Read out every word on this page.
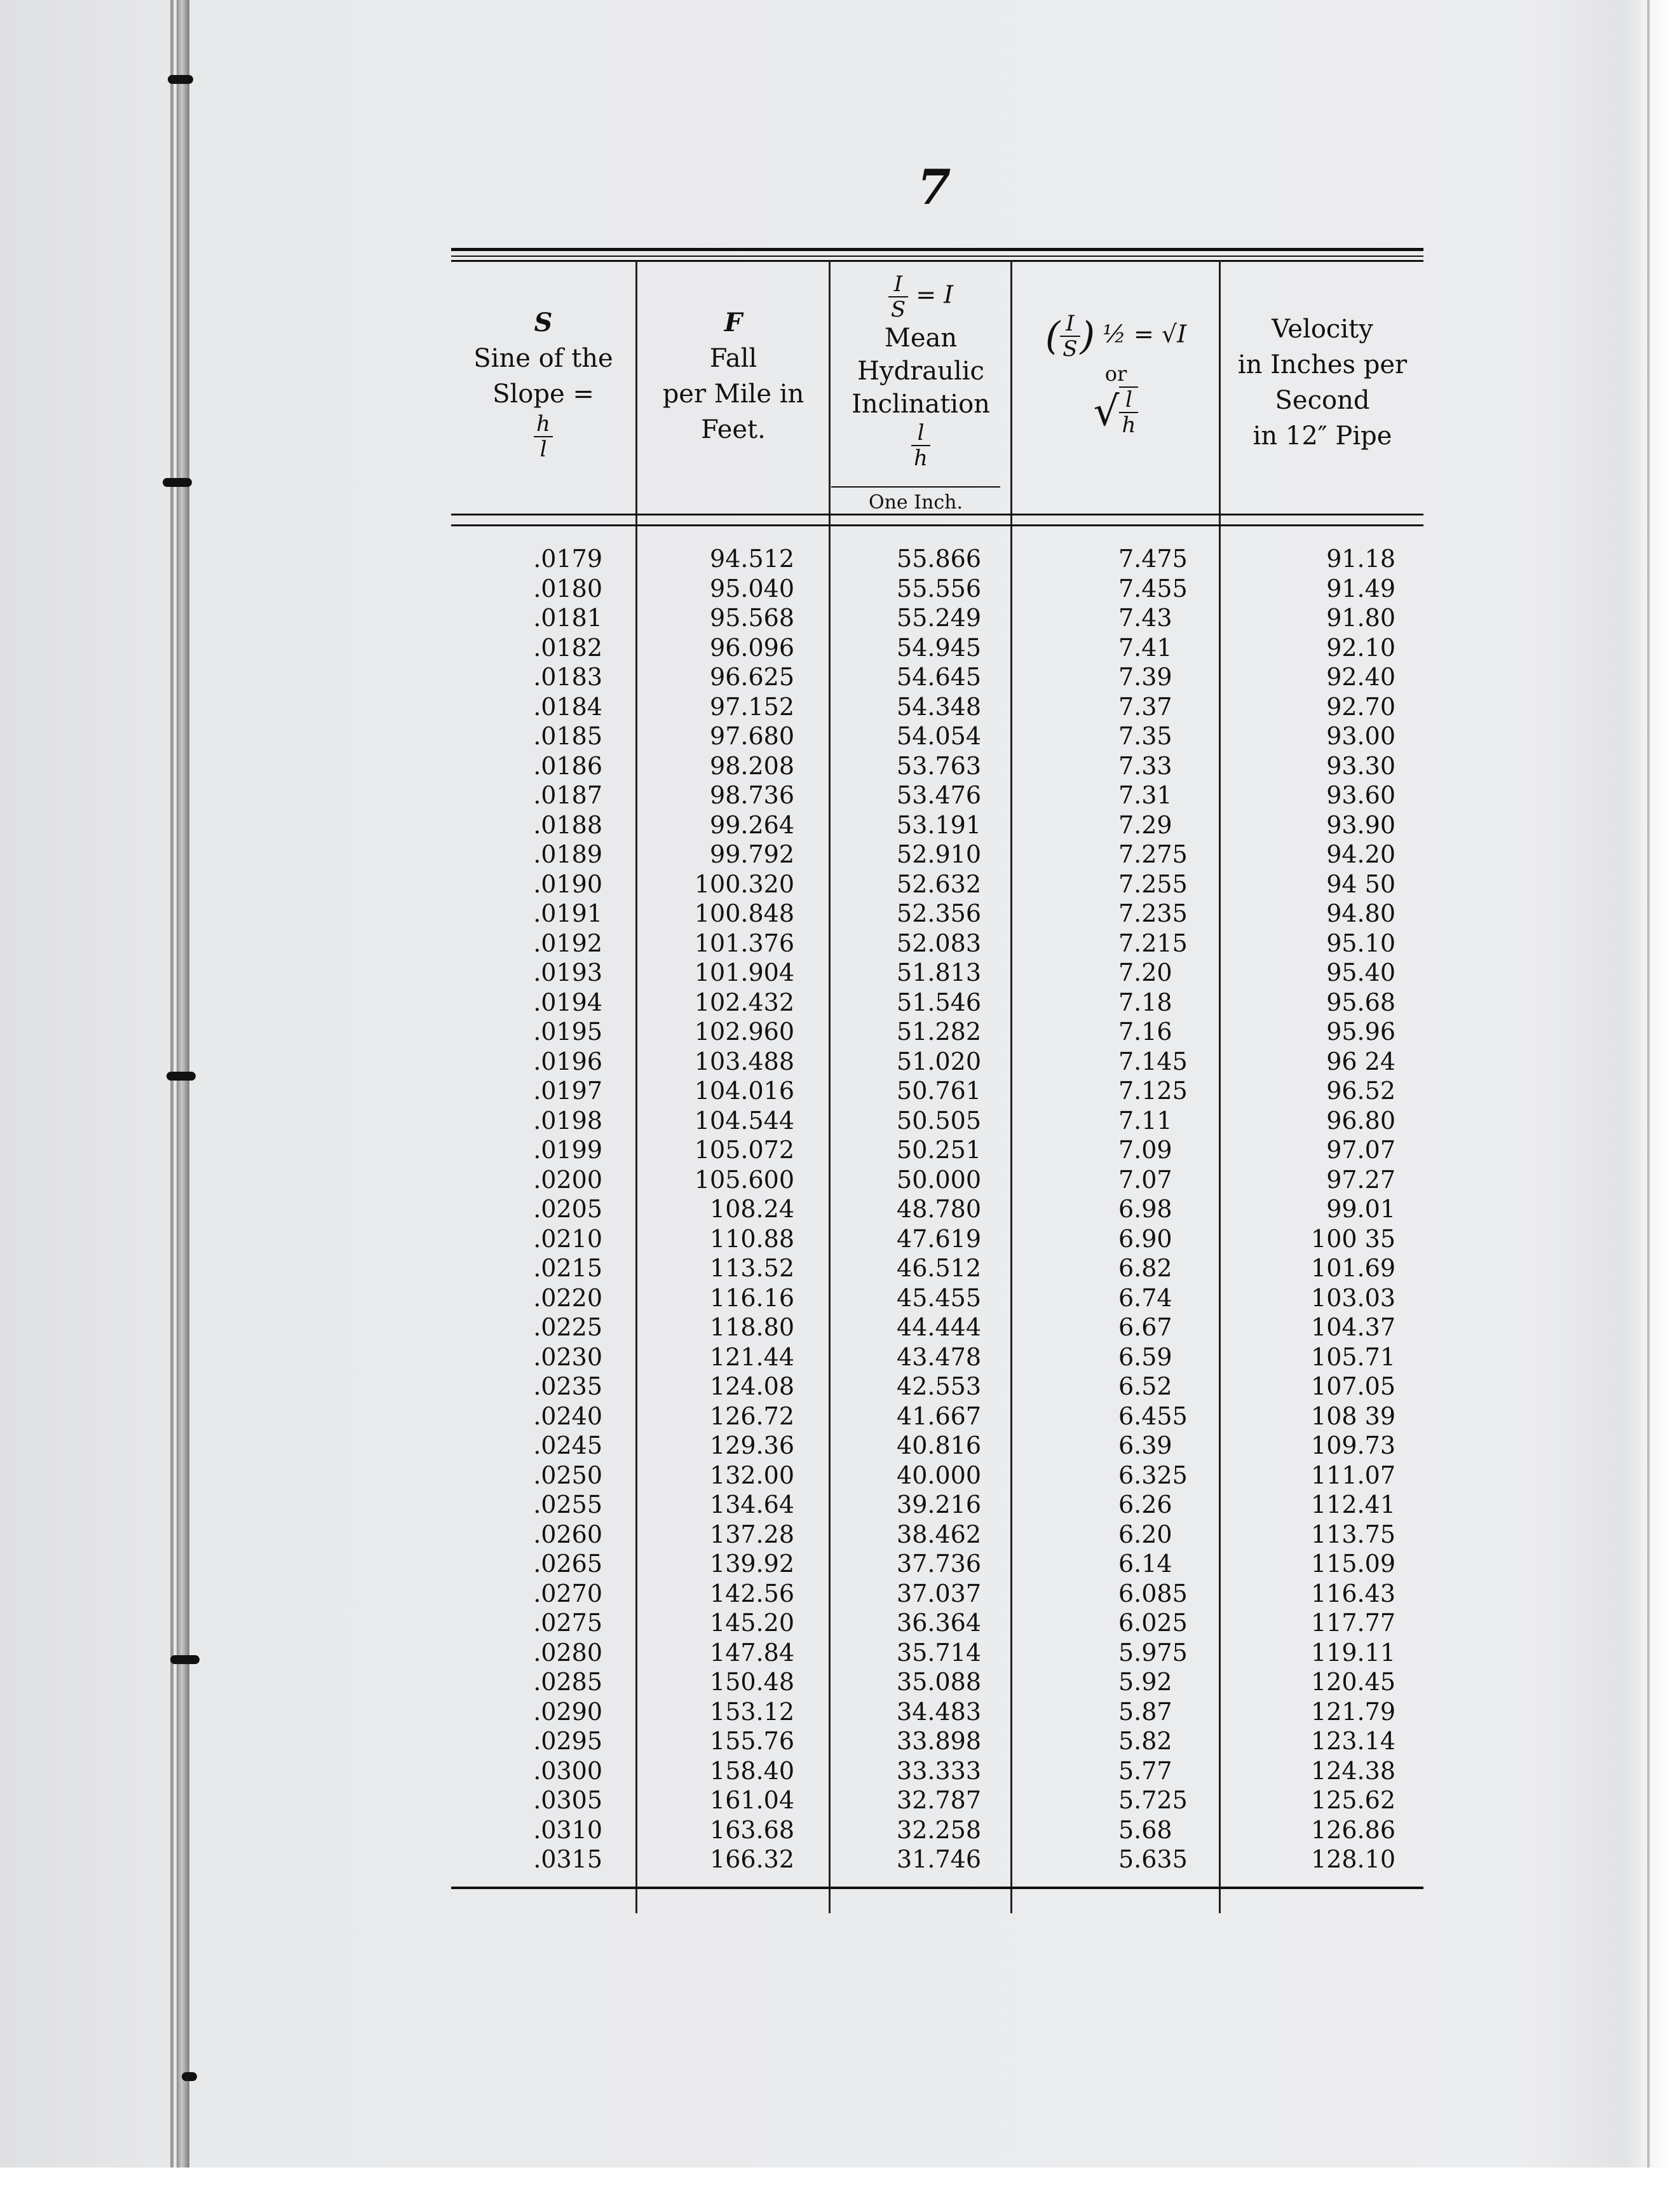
7
S
Sine of the
Slope =
$\frac{h}{l}$
F
Fall
per Mile in
Feet.
$\frac{I}{S} = I$
Mean
Hydraulic
Inclination
$\frac{l}{h}$
One Inch.
( $\frac{I}{S}$ ) ½ = √I
or
√ $\frac{l}{h}$
Velocity
in Inches per
Second
in 12″ Pipe
.0179
.0180
.0181
.0182
.0183
.0184
.0185
.0186
.0187
.0188
.0189
.0190
.0191
.0192
.0193
.0194
.0195
.0196
.0197
.0198
.0199
.0200
.0205
.0210
.0215
.0220
.0225
.0230
.0235
.0240
.0245
.0250
.0255
.0260
.0265
.0270
.0275
.0280
.0285
.0290
.0295
.0300
.0305
.0310
.0315
94.512
95.040
95.568
96.096
96.625
97.152
97.680
98.208
98.736
99.264
99.792
100.320
100.848
101.376
101.904
102.432
102.960
103.488
104.016
104.544
105.072
105.600
108.24
110.88
113.52
116.16
118.80
121.44
124.08
126.72
129.36
132.00
134.64
137.28
139.92
142.56
145.20
147.84
150.48
153.12
155.76
158.40
161.04
163.68
166.32
55.866
55.556
55.249
54.945
54.645
54.348
54.054
53.763
53.476
53.191
52.910
52.632
52.356
52.083
51.813
51.546
51.282
51.020
50.761
50.505
50.251
50.000
48.780
47.619
46.512
45.455
44.444
43.478
42.553
41.667
40.816
40.000
39.216
38.462
37.736
37.037
36.364
35.714
35.088
34.483
33.898
33.333
32.787
32.258
31.746
7.475
7.455
7.43
7.41
7.39
7.37
7.35
7.33
7.31
7.29
7.275
7.255
7.235
7.215
7.20
7.18
7.16
7.145
7.125
7.11
7.09
7.07
6.98
6.90
6.82
6.74
6.67
6.59
6.52
6.455
6.39
6.325
6.26
6.20
6.14
6.085
6.025
5.975
5.92
5.87
5.82
5.77
5.725
5.68
5.635
91.18
91.49
91.80
92.10
92.40
92.70
93.00
93.30
93.60
93.90
94.20
94 50
94.80
95.10
95.40
95.68
95.96
96 24
96.52
96.80
97.07
97.27
99.01
100 35
101.69
103.03
104.37
105.71
107.05
108 39
109.73
111.07
112.41
113.75
115.09
116.43
117.77
119.11
120.45
121.79
123.14
124.38
125.62
126.86
128.10
